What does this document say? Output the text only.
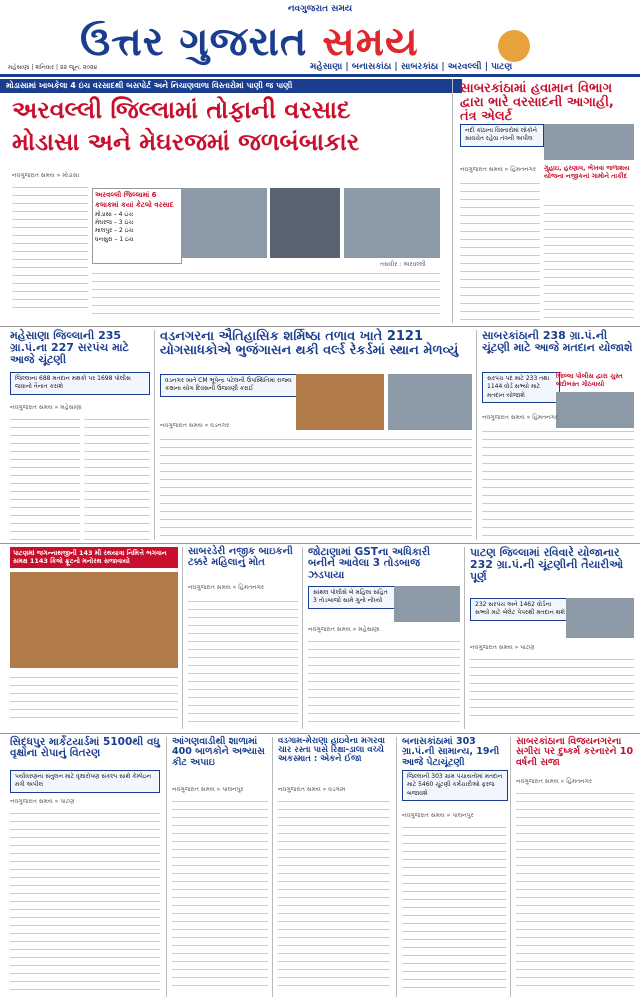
નવગુજરાત સમય
ઉત્તર ગુજરાત સમય
મહેસાણા | શનિવાર | ૨૨ જૂન, ૨૦૨૪	મહેસાણા | બનાસકાંઠા | સાબરકાંઠા | અરવલ્લી | પાટણ
મોડાસામાં ખાબકેલા 4 ઇંચ વરસાદથી બસપોર્ટ અને નિચાણવાળા વિસ્તારોમાં પાણી જ પાણી
અરવલ્લી જિલ્લામાં તોફાની વરસાદ
મોડાસા અને મેઘરજમાં જળબંબાકાર
નવગુજરાત સમય » મોડાસા
અરવલ્લી જિલ્લામાં 6 કલાકમાં કયાં કેટલો વરસાદ
મોડાસા – 4 ઇંચ
મેઘરજ – 3 ઇંચ
માલપુર – 2 ઇંચ
ધનસુરા – 1 ઇંચ
તસવીર : અરવલ્લી
સાબરકાંઠામાં હવામાન વિભાગ દ્વારા ભારે વરસાદની આગાહી, તંત્ર એલર્ટ
નદી કાંઠાના વિસ્તારોમાં લોકોને સાવચેત રહેવા તંત્રની અપીલ
નવગુજરાત સમય » હિંમતનગર ગુહાઇ, હરણાવ, ભેખવા જળાશય યોજના નજીકનાં ગામોને તાકીદ
મહેસાણા જિલ્લાની 235 ગ્રા.પં.ના 227 સરપંચ માટે આજે ચૂંટણી
જિલ્લાના 688 મતદાન મથકો પર 1698 પોલીસ જવાનો તૈનાત કરાશે
નવગુજરાત સમય » મહેસાણા
વડનગરના ઐતિહાસિક શર્મિષ્ઠા તળાવ ખાતે 2121 યોગસાધકોએ ભુજંગાસન થકી વર્લ્ડ રેકર્ડમાં સ્થાન મેળવ્યું
વડનગર ખાતે CM ભૂપેન્દ્ર પટેલની ઉપસ્થિતિમાં રાજ્ય કક્ષાના યોગ દિવસની ઉજવણી કરાઈ
નવગુજરાત સમય » વડનગર
સાબરકાંઠાની 238 ગ્રા.પં.ની ચૂંટણી માટે આજે મતદાન યોજાશે
સરપંચ પદ માટે 233 તથા 1144 વોર્ડ સભ્યો માટે મતદાન યોજાશે
જિલ્લા પોલીસ દ્વારા ચુસ્ત બંદોબસ્ત ગોઠવાયો
નવગુજરાત સમય » હિંમતનગર
પાટણમાં જગન્નાથજીની 143 મી રથયાત્રા નિમિત્તે ભગવાન સમક્ષ 1143 કિલો ફ્રૂટનો મનોરથ સજાવાયો
સાબરડેરી નજીક બાઇકની ટક્કરે મહિલાનું મોત
નવગુજરાત સમય » હિંમતનગર
જોટાણામાં GSTના અધિકારી બનીને આવેલા 3 તોડબાજ ઝડપાયા
સાંથલ પોલીસે બે મહિલા સહિત 3 તોડબાજો સામે ગુનો નોંધ્યો
નવગુજરાત સમય » મહેસાણા
પાટણ જિલ્લામાં રવિવારે યોજાનાર 232 ગ્રા.પં.ની ચૂંટણીની તૈયારીઓ પૂર્ણ
232 સરપંચ અને 1462 વોર્ડના સભ્યો માટે બેલેટ પેપરથી મતદાન થશે
નવગુજરાત સમય » પાટણ
સિદ્ધપુર માર્કેટયાર્ડમાં 5100થી વધુ વૃક્ષોના રોપાનું વિતરણ
પર્યાવરણના સંતુલન માટે વૃક્ષારોપણ સંકલ્પ સાથે કેમ્પેઇન મંત્રી અપીલ
નવગુજરાત સમય » પાટણ
આંગણવાડીથી શાળામાં 400 બાળકોને અભ્યાસ કીટ અપાઇ
નવગુજરાત સમય » પાલનપુર
વડગામ-મેરાણા હાઇવેના મગરવા ચાર રસ્તા પાસે રિક્ષા-ડાલા વચ્ચે અકસ્માત : એકને ઈજા
નવગુજરાત સમય » વડગામ
બનાસકાંઠામાં 303 ગ્રા.પં.ની સામાન્ય, 19ની આજે પેટાચૂંટણી
જિલ્લાની 303 ગ્રામ પંચાયતોમાં મતદાન માટે 5460 ચૂંટણી કર્મચારીઓ ફરજ બજાવશે
નવગુજરાત સમય » પાલનપુર
સાબરકાંઠાના વિજયનગરના સગીરા પર દુષ્કર્મ કરનારને 10 વર્ષની સજા
નવગુજરાત સમય » હિંમતનગર
